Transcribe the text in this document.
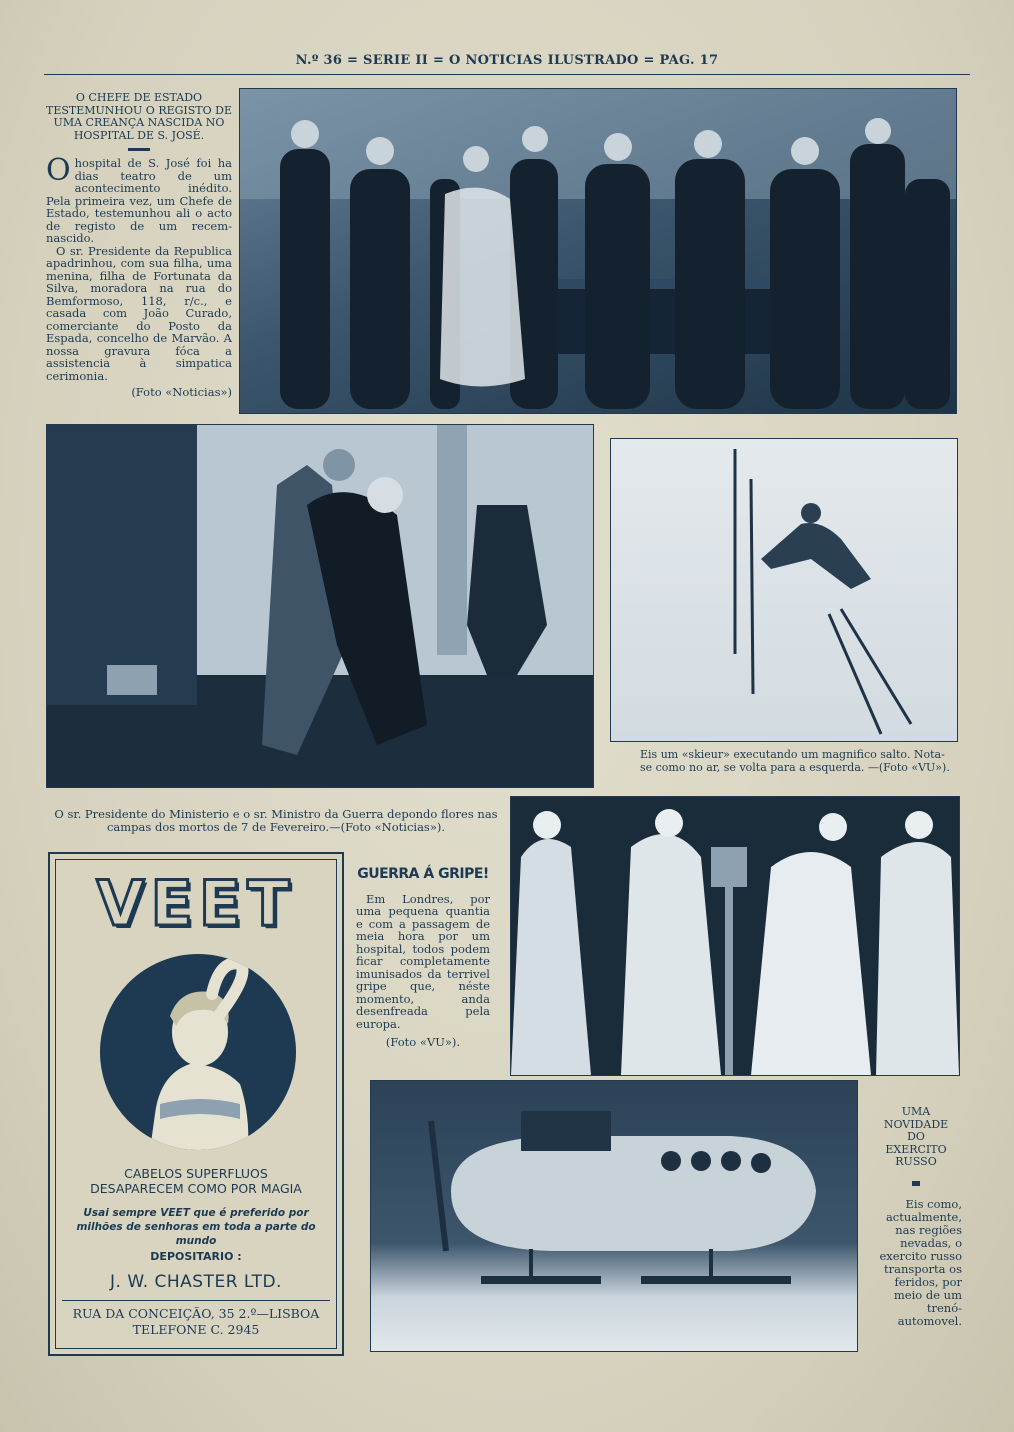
N.º 36 = SERIE II = O NOTICIAS ILUSTRADO = PAG. 17
O CHEFE DE ESTADO TESTEMUNHOU O REGISTO DE UMA CREANÇA NASCIDA NO HOSPITAL DE S. JOSÉ.
Ohospital de S. José foi ha dias teatro de um acontecimento inédito. Pela primeira vez, um Chefe de Estado, testemunhou ali o acto de registo de um recem-nascido.
O sr. Presidente da Republica apadrinhou, com sua filha, uma menina, filha de Fortunata da Silva, moradora na rua do Bemformoso, 118, r/c., e casada com João Curado, comerciante do Posto da Espada, concelho de Marvão. A nossa gravura fóca a assistencia à simpatica cerimonia.
(Foto «Noticias»)
Eis um «skieur» executando um magnifico salto. Nota-se como no ar, se volta para a esquerda. —(Foto «VU»).
O sr. Presidente do Ministerio e o sr. Ministro da Guerra depondo flores nas campas dos mortos de 7 de Fevereiro.—(Foto «Noticias»).
VEET
CABELOS SUPERFLUOS DESAPARECEM COMO POR MAGIA
Usai sempre VEET que é preferido por milhões de senhoras em toda a parte do mundo
DEPOSITARIO :
J. W. CHASTER LTD.
RUA DA CONCEIÇÃO, 35 2.º—LISBOA
TELEFONE C. 2945
GUERRA Á GRIPE!
Em Londres, por uma pequena quantia e com a passagem de meia hora por um hospital, todos podem ficar completamente imunisados da terrivel gripe que, néste momento, anda desenfreada pela europa.
(Foto «VU»).
UMA NOVIDADE DO EXERCITO RUSSO
Eis como, actualmente, nas regiões nevadas, o exercito russo transporta os feridos, por meio de um trenó-automovel.
